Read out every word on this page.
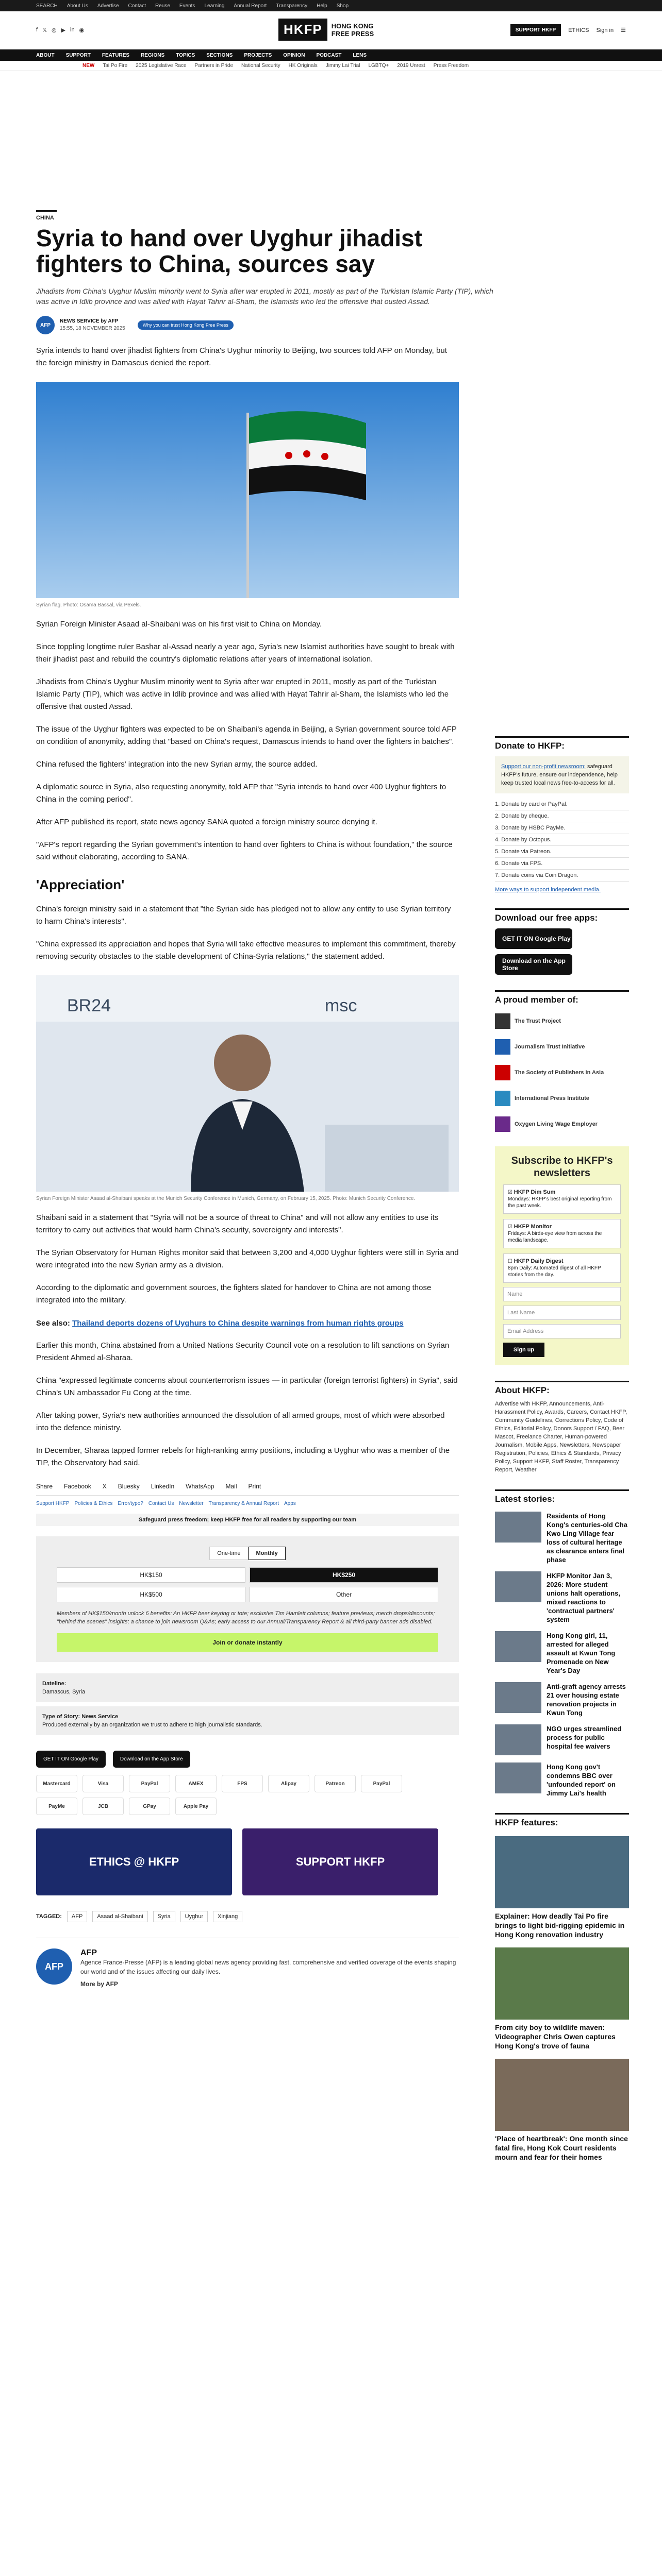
SEARCH About Us Advertise Contact Reuse Events Learning Annual Report Transparency Help Shop
f 𝕏 ◎ ▶ in ◉	HKFP	HONG KONG
FREE PRESS	SUPPORT HKFP	ETHICS Sign in ☰
ABOUT SUPPORT FEATURES REGIONS TOPICS SECTIONS PROJECTS OPINION PODCAST LENS
NEW Tai Po Fire 2025 Legislative Race Partners in Pride National Security HK Originals Jimmy Lai Trial LGBTQ+ 2019 Unrest Press Freedom
CHINA
Syria to hand over Uyghur jihadist fighters to China, sources say
Jihadists from China's Uyghur Muslim minority went to Syria after war erupted in 2011, mostly as part of the Turkistan Islamic Party (TIP), which was active in Idlib province and was allied with Hayat Tahrir al-Sham, the Islamists who led the offensive that ousted Assad.
AFP
NEWS SERVICE by AFP
15:55, 18 NOVEMBER 2025
Why you can trust Hong Kong Free Press

Syria intends to hand over jihadist fighters from China's Uyghur minority to Beijing, two sources told AFP on Monday, but the foreign ministry in Damascus denied the report.

Syrian flag. Photo: Osama Bassal, via Pexels.

Syrian Foreign Minister Asaad al-Shaibani was on his first visit to China on Monday.

Since toppling longtime ruler Bashar al-Assad nearly a year ago, Syria's new Islamist authorities have sought to break with their jihadist past and rebuild the country's diplomatic relations after years of international isolation.

Jihadists from China's Uyghur Muslim minority went to Syria after war erupted in 2011, mostly as part of the Turkistan Islamic Party (TIP), which was active in Idlib province and was allied with Hayat Tahrir al-Sham, the Islamists who led the offensive that ousted Assad.

The issue of the Uyghur fighters was expected to be on Shaibani's agenda in Beijing, a Syrian government source told AFP on condition of anonymity, adding that "based on China's request, Damascus intends to hand over the fighters in batches".

China refused the fighters' integration into the new Syrian army, the source added.

A diplomatic source in Syria, also requesting anonymity, told AFP that "Syria intends to hand over 400 Uyghur fighters to China in the coming period".

After AFP published its report, state news agency SANA quoted a foreign ministry source denying it.

"AFP's report regarding the Syrian government's intention to hand over fighters to China is without foundation," the source said without elaborating, according to SANA.

'Appreciation'

China's foreign ministry said in a statement that "the Syrian side has pledged not to allow any entity to use Syrian territory to harm China's interests".

"China expressed its appreciation and hopes that Syria will take effective measures to implement this commitment, thereby removing security obstacles to the stable development of China-Syria relations," the statement added.

BR24	msc
Syrian Foreign Minister Asaad al-Shaibani speaks at the Munich Security Conference in Munich, Germany, on February 15, 2025. Photo: Munich Security Conference.

Shaibani said in a statement that "Syria will not be a source of threat to China" and will not allow any entities to use its territory to carry out activities that would harm China's security, sovereignty and interests".

The Syrian Observatory for Human Rights monitor said that between 3,200 and 4,000 Uyghur fighters were still in Syria and were integrated into the new Syrian army as a division.

According to the diplomatic and government sources, the fighters slated for handover to China are not among those integrated into the military.

See also: Thailand deports dozens of Uyghurs to China despite warnings from human rights groups

Earlier this month, China abstained from a United Nations Security Council vote on a resolution to lift sanctions on Syrian President Ahmed al-Sharaa.

China "expressed legitimate concerns about counterterrorism issues — in particular (foreign terrorist fighters) in Syria", said China's UN ambassador Fu Cong at the time.

After taking power, Syria's new authorities announced the dissolution of all armed groups, most of which were absorbed into the defence ministry.

In December, Sharaa tapped former rebels for high-ranking army positions, including a Uyghur who was a member of the TIP, the Observatory had said.

Share Facebook X Bluesky LinkedIn WhatsApp Mail Print
Support HKFP Policies & Ethics Error/typo? Contact Us Newsletter Transparency & Annual Report Apps
Safeguard press freedom; keep HKFP free for all readers by supporting our team
One-time	Monthly
HK$150	HK$250
HK$500	Other
Members of HK$150/month unlock 6 benefits: An HKFP beer keyring or tote; exclusive Tim Hamlett columns; feature previews; merch drops/discounts; "behind the scenes" insights; a chance to join newsroom Q&As; early access to our Annual/Transparency Report & all third-party banner ads disabled.
Join or donate instantly
Dateline:
Damascus, Syria
Type of Story: News Service
Produced externally by an organization we trust to adhere to high journalistic standards.
GET IT ON Google Play	Download on the App Store
Mastercard	Visa	PayPal	AMEX	FPS	Alipay	Patreon	PayPal
PayMe	JCB	GPay	Apple Pay
ETHICS @ HKFP	SUPPORT HKFP
TAGGED:	AFP	Asaad al-Shaibani	Syria	Uyghur	Xinjiang
AFP
AFP
Agence France-Presse (AFP) is a leading global news agency providing fast, comprehensive and verified coverage of the events shaping our world and of the issues affecting our daily lives.
More by AFP
Donate to HKFP:
Support our non-profit newsroom: safeguard HKFP's future, ensure our independence, help keep trusted local news free-to-access for all.
1. Donate by card or PayPal.
2. Donate by cheque.
3. Donate by HSBC PayMe.
4. Donate by Octopus.
5. Donate via Patreon.
6. Donate via FPS.
7. Donate coins via Coin Dragon.
More ways to support independent media.
Download our free apps:
GET IT ON Google Play
Download on the App Store
A proud member of:
The Trust Project
Journalism Trust Initiative
The Society of Publishers in Asia
International Press Institute
Oxygen Living Wage Employer
Subscribe to HKFP's newsletters
☑ HKFP Dim Sum
Mondays: HKFP's best original reporting from the past week.
☑ HKFP Monitor
Fridays: A birds-eye view from across the media landscape.
☐ HKFP Daily Digest
8pm Daily: Automated digest of all HKFP stories from the day.
Name
Last Name
Email Address
Sign up
About HKFP:
Advertise with HKFP, Announcements, Anti-Harassment Policy, Awards, Careers, Contact HKFP, Community Guidelines, Corrections Policy, Code of Ethics, Editorial Policy, Donors Support / FAQ, Beer Mascot, Freelance Charter, Human-powered Journalism, Mobile Apps, Newsletters, Newspaper Registration, Policies, Ethics & Standards, Privacy Policy, Support HKFP, Staff Roster, Transparency Report, Weather
Latest stories:
Residents of Hong Kong's centuries-old Cha Kwo Ling Village fear loss of cultural heritage as clearance enters final phase
HKFP Monitor Jan 3, 2026: More student unions halt operations, mixed reactions to 'contractual partners' system
Hong Kong girl, 11, arrested for alleged assault at Kwun Tong Promenade on New Year's Day
Anti-graft agency arrests 21 over housing estate renovation projects in Kwun Tong
NGO urges streamlined process for public hospital fee waivers
Hong Kong gov't condemns BBC over 'unfounded report' on Jimmy Lai's health
HKFP features:
Explainer: How deadly Tai Po fire brings to light bid-rigging epidemic in Hong Kong renovation industry
From city boy to wildlife maven: Videographer Chris Owen captures Hong Kong's trove of fauna
'Place of heartbreak': One month since fatal fire, Hong Kok Court residents mourn and fear for their homes
